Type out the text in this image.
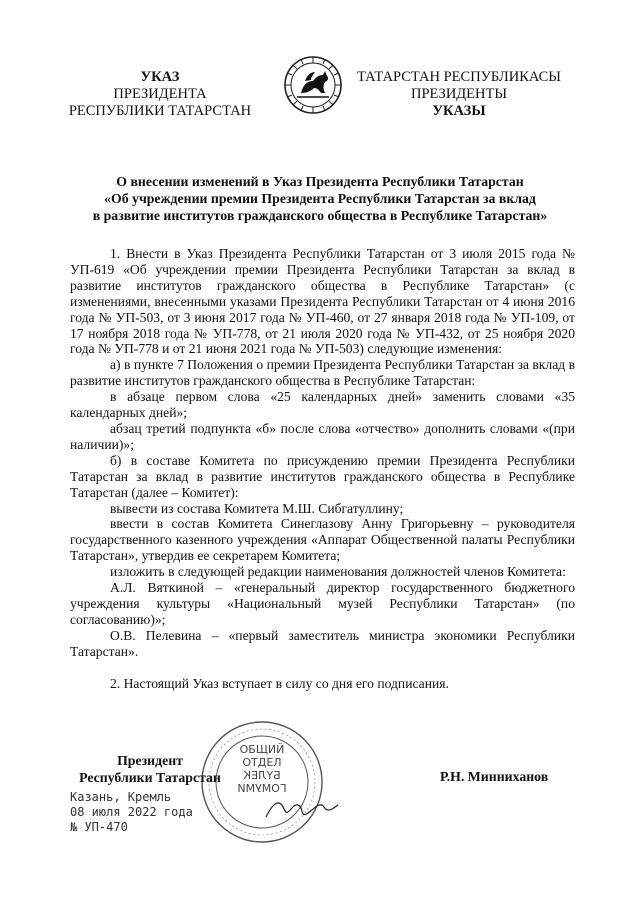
УКАЗ
ПРЕЗИДЕНТА
РЕСПУБЛИКИ ТАТАРСТАН
ТАТАРСТАН РЕСПУБЛИКАСЫ
ПРЕЗИДЕНТЫ
УКАЗЫ
О внесении изменений в Указ Президента Республики Татарстан
«Об учреждении премии Президента Республики Татарстан за вклад
в развитие институтов гражданского общества в Республике Татарстан»

1. Внести в Указ Президента Республики Татарстан от 3 июля 2015 года № УП-619 «Об учреждении премии Президента Республики Татарстан за вклад в развитие институтов гражданского общества в Республике Татарстан» (с изменениями, внесенными указами Президента Республики Татарстан от 4 июня 2016 года № УП-503, от 3 июня 2017 года № УП-460, от 27 января 2018 года № УП-109, от 17 ноября 2018 года № УП-778, от 21 июля 2020 года № УП-432, от 25 ноября 2020 года № УП-778 и от 21 июня 2021 года № УП-503) следующие изменения:

а) в пункте 7 Положения о премии Президента Республики Татарстан за вклад в развитие институтов гражданского общества в Республике Татарстан:

в абзаце первом слова «25 календарных дней» заменить словами «35 календарных дней»;

абзац третий подпункта «б» после слова «отчество» дополнить словами «(при наличии)»;

б) в составе Комитета по присуждению премии Президента Республики Татарстан за вклад в развитие институтов гражданского общества в Республике Татарстан (далее – Комитет):

вывести из состава Комитета М.Ш. Сибгатуллину;

ввести в состав Комитета Синеглазову Анну Григорьевну – руководителя государственного казенного учреждения «Аппарат Общественной палаты Республики Татарстан», утвердив ее секретарем Комитета;

изложить в следующей редакции наименования должностей членов Комитета:

А.Л. Вяткиной – «генеральный директор государственного бюджетного учреждения культуры «Национальный музей Республики Татарстан» (по согласованию)»;

О.В. Пелевина – «первый заместитель министра экономики Республики Татарстан».

2. Настоящий Указ вступает в силу со дня его подписания.

ОБЩИЙ
ОТДЕЛ
БҮЛЕК
ГОМУМИ
Президент
Республики Татарстан	Р.Н. Минниханов
Казань, Кремль
08 июля 2022 года
№ УП-470
